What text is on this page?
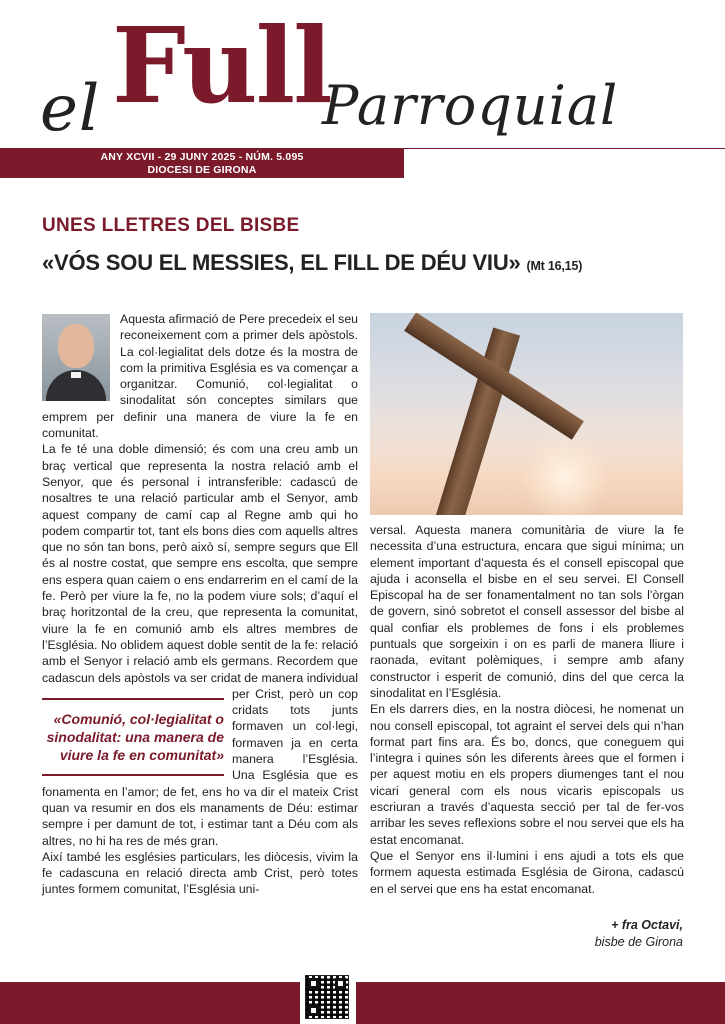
el Full
Parroquial
ANY XCVII - 29 JUNY 2025 - NÚM. 5.095
DIOCESI DE GIRONA
UNES LLETRES DEL BISBE
«VÓS SOU EL MESSIES, EL FILL DE DÉU VIU» (Mt 16,15)

Aquesta afirmació de Pere precedeix el seu reconeixement com a primer dels apòstols. La col·legialitat dels dotze és la mostra de com la primitiva Església es va començar a organitzar. Comunió, col·legialitat o sinodalitat són conceptes similars que emprem per definir una manera de viure la fe en comunitat.

La fe té una doble dimensió; és com una creu amb un braç vertical que representa la nostra relació amb el Senyor, que és personal i intransferible: cadascú de nosaltres te una relació particular amb el Senyor, amb aquest company de camí cap al Regne amb qui ho podem compartir tot, tant els bons dies com aquells altres que no són tan bons, però això sí, sempre segurs que Ell és al nostre costat, que sempre ens escolta, que sempre ens espera quan caiem o ens endarrerim en el camí de la fe. Però per viure la fe, no la podem viure sols; d’aquí el braç horitzontal de la creu, que representa la comunitat, viure la fe en comunió amb els altres membres de l’Església. No oblidem aquest doble sentit de la fe: relació amb el Senyor i relació amb els germans. Recordem que cadascun dels apòstols
«Comunió, col·legialitat o sinodalitat: una manera de viure la fe en comunitat»
va ser cridat de manera individual per Crist, però un cop cridats tots junts formaven un col·legi, formaven ja en certa manera l’Església. Una Església que es fonamenta en l’amor; de fet, ens ho va dir el mateix Crist quan va resumir en dos els manaments de Déu: estimar sempre i per damunt de tot, i estimar tant a Déu com als altres, no hi ha res de més gran.

Així també les esglésies particulars, les diòcesis, vivim la fe cadascuna en relació directa amb Crist, però totes juntes formem comunitat, l’Església uni-

versal. Aquesta manera comunitària de viure la fe necessita d’una estructura, encara que sigui mínima; un element important d’aquesta és el consell episcopal que ajuda i aconsella el bisbe en el seu servei. El Consell Episcopal ha de ser fonamentalment no tan sols l’òrgan de govern, sinó sobretot el consell assessor del bisbe al qual confiar els problemes de fons i els problemes puntuals que sorgeixin i on es parli de manera lliure i raonada, evitant polèmiques, i sempre amb afany constructor i esperit de comunió, dins del que cerca la sinodalitat en l’Església.

En els darrers dies, en la nostra diòcesi, he nomenat un nou consell episcopal, tot agraint el servei dels qui n’han format part fins ara. És bo, doncs, que coneguem qui l’integra i quines són les diferents àrees que el formen i per aquest motiu en els propers diumenges tant el nou vicari general com els nous vicaris episcopals us escriuran a través d’aquesta secció per tal de fer-vos arribar les seves reflexions sobre el nou servei que els ha estat encomanat.

Que el Senyor ens il·lumini i ens ajudi a tots els que formem aquesta estimada Església de Girona, cadascú en el servei que ens ha estat encomanat.

+ fra Octavi,
bisbe de Girona
